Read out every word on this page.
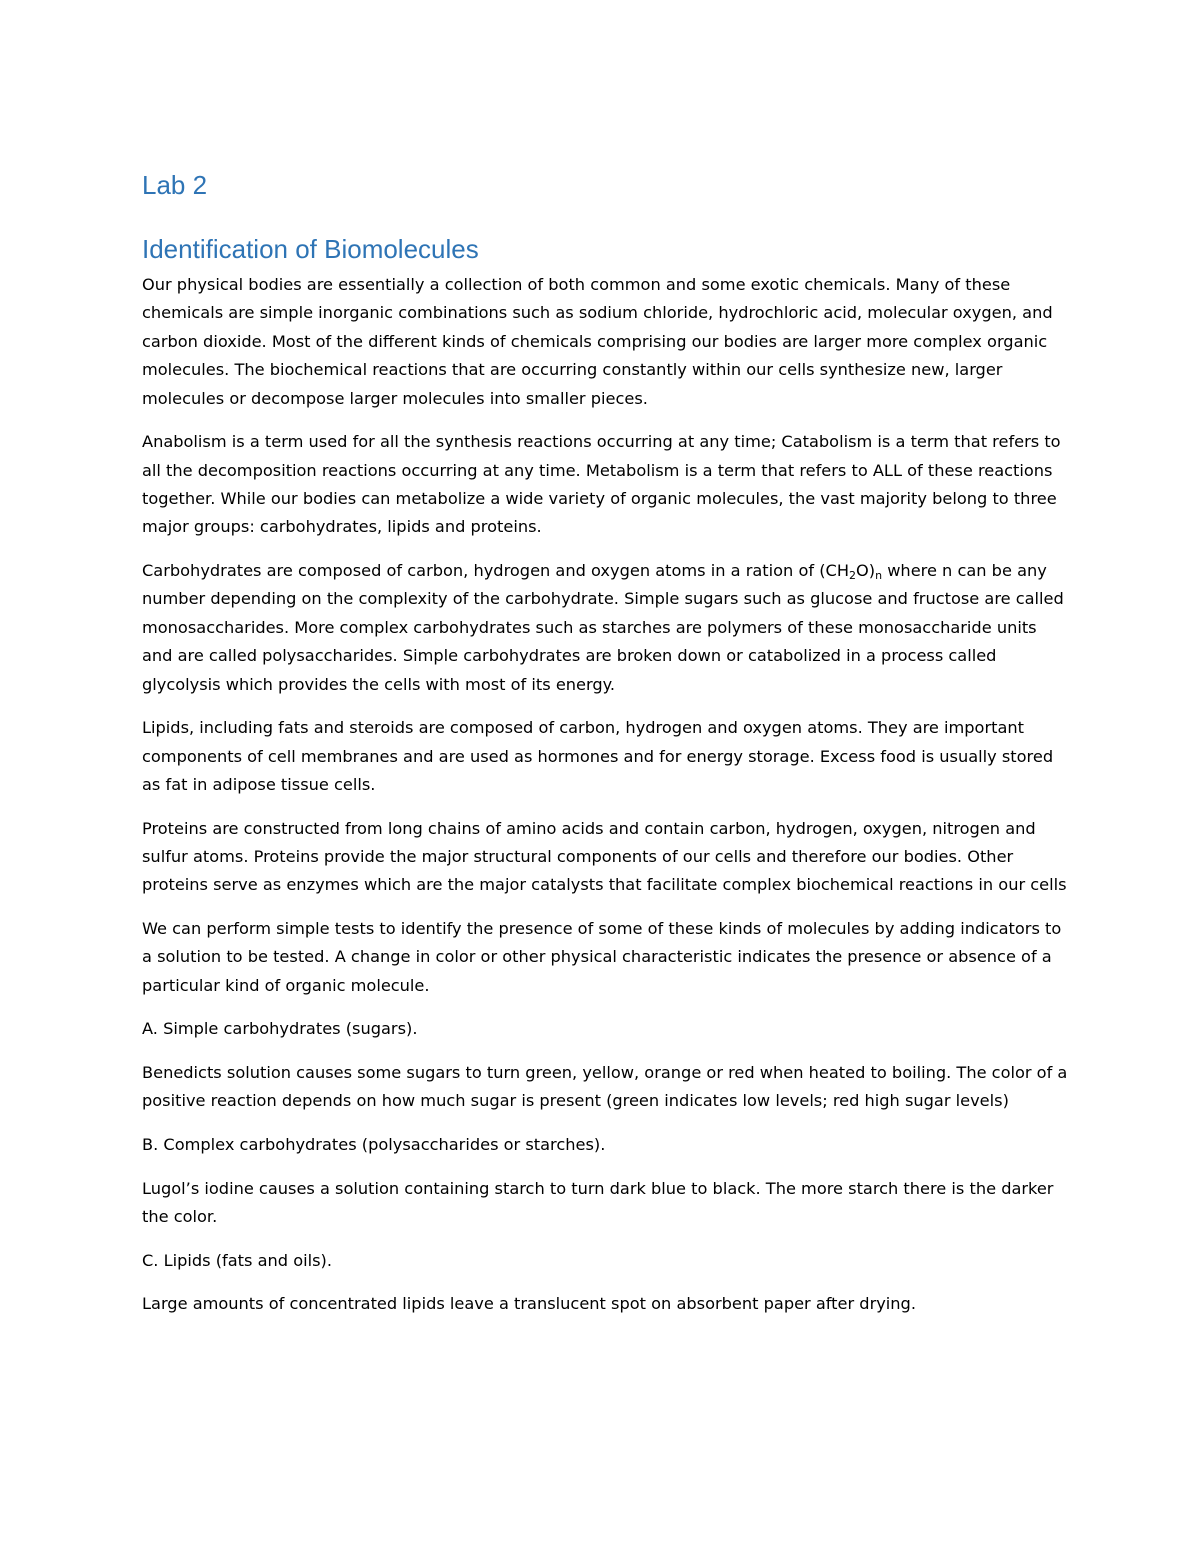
Lab 2
Identification of Biomolecules

Our physical bodies are essentially a collection of both common and some exotic chemicals. Many of these chemicals are simple inorganic combinations such as sodium chloride, hydrochloric acid, molecular oxygen, and carbon dioxide. Most of the different kinds of chemicals comprising our bodies are larger more complex organic molecules. The biochemical reactions that are occurring constantly within our cells synthesize new, larger molecules or decompose larger molecules into smaller pieces.

Anabolism is a term used for all the synthesis reactions occurring at any time; Catabolism is a term that refers to all the decomposition reactions occurring at any time. Metabolism is a term that refers to ALL of these reactions together. While our bodies can metabolize a wide variety of organic molecules, the vast majority belong to three major groups: carbohydrates, lipids and proteins.

Carbohydrates are composed of carbon, hydrogen and oxygen atoms in a ration of $(CH_2O)_n$ where n can be any number depending on the complexity of the carbohydrate. Simple sugars such as glucose and fructose are called monosaccharides. More complex carbohydrates such as starches are polymers of these monosaccharide units and are called polysaccharides. Simple carbohydrates are broken down or catabolized in a process called glycolysis which provides the cells with most of its energy.

Lipids, including fats and steroids are composed of carbon, hydrogen and oxygen atoms. They are important components of cell membranes and are used as hormones and for energy storage. Excess food is usually stored as fat in adipose tissue cells.

Proteins are constructed from long chains of amino acids and contain carbon, hydrogen, oxygen, nitrogen and sulfur atoms. Proteins provide the major structural components of our cells and therefore our bodies. Other proteins serve as enzymes which are the major catalysts that facilitate complex biochemical reactions in our cells

We can perform simple tests to identify the presence of some of these kinds of molecules by adding indicators to a solution to be tested. A change in color or other physical characteristic indicates the presence or absence of a particular kind of organic molecule.

A. Simple carbohydrates (sugars).

Benedicts solution causes some sugars to turn green, yellow, orange or red when heated to boiling. The color of a positive reaction depends on how much sugar is present (green indicates low levels; red high sugar levels)

B. Complex carbohydrates (polysaccharides or starches).

Lugol’s iodine causes a solution containing starch to turn dark blue to black. The more starch there is the darker the color.

C. Lipids (fats and oils).

Large amounts of concentrated lipids leave a translucent spot on absorbent paper after drying.
